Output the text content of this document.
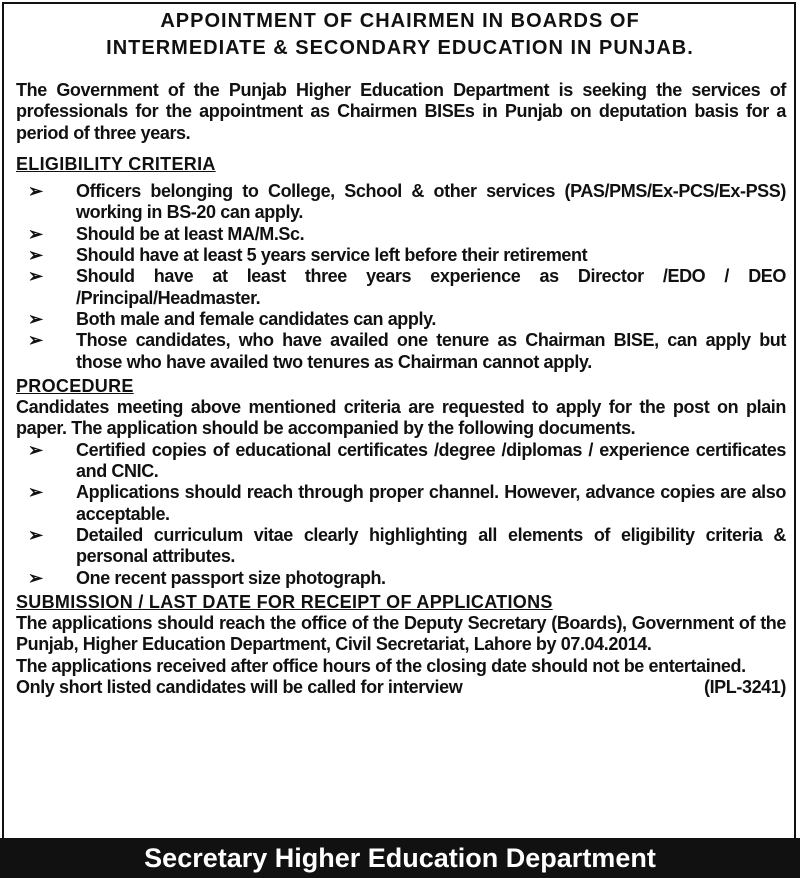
APPOINTMENT OF CHAIRMEN IN BOARDS OF
INTERMEDIATE & SECONDARY EDUCATION IN PUNJAB.

The Government of the Punjab Higher Education Department is seeking the services of professionals for the appointment as Chairmen BISEs in Punjab on deputation basis for a period of three years.

ELIGIBILITY CRITERIA
➢ Officers belonging to College, School & other services (PAS/PMS/Ex-PCS/Ex-PSS) working in BS-20 can apply.
➢ Should be at least MA/M.Sc.
➢ Should have at least 5 years service left before their retirement
➢ Should have at least three years experience as Director /EDO / DEO /Principal/Headmaster.
➢ Both male and female candidates can apply.
➢ Those candidates, who have availed one tenure as Chairman BISE, can apply but those who have availed two tenures as Chairman cannot apply.
PROCEDURE

Candidates meeting above mentioned criteria are requested to apply for the post on plain paper. The application should be accompanied by the following documents.

➢ Certified copies of educational certificates /degree /diplomas / experience certificates and CNIC.
➢ Applications should reach through proper channel. However, advance copies are also acceptable.
➢ Detailed curriculum vitae clearly highlighting all elements of eligibility criteria & personal attributes.
➢ One recent passport size photograph.
SUBMISSION / LAST DATE FOR RECEIPT OF APPLICATIONS

The applications should reach the office of the Deputy Secretary (Boards), Government of the Punjab, Higher Education Department, Civil Secretariat, Lahore by 07.04.2014.

The applications received after office hours of the closing date should not be entertained.

Only short listed candidates will be called for interview	(IPL-3241)
Secretary Higher Education Department
